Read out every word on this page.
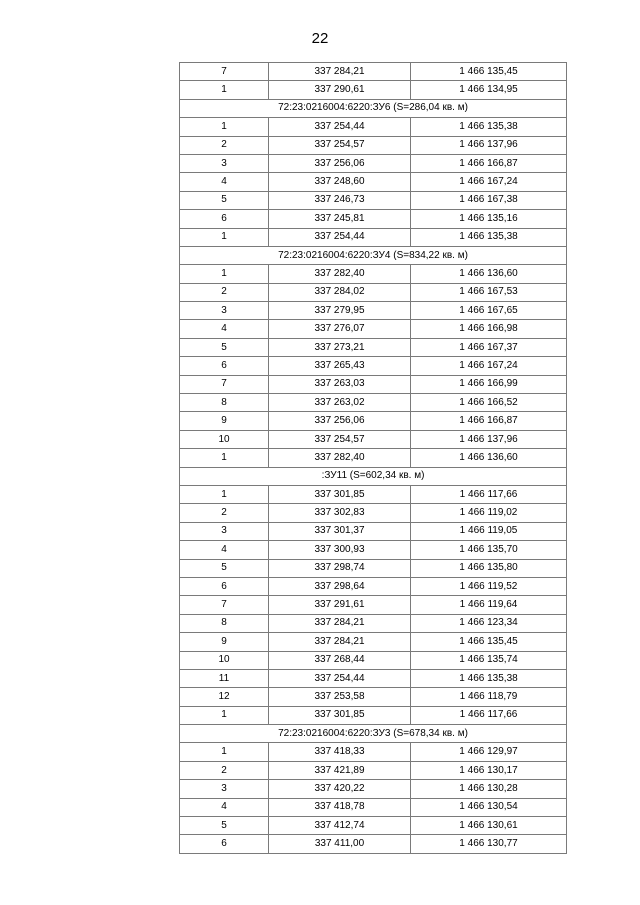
22
7	337 284,21	1 466 135,45
1	337 290,61	1 466 134,95
72:23:0216004:6220:ЗУ6 (S=286,04 кв. м)		
1	337 254,44	1 466 135,38
2	337 254,57	1 466 137,96
3	337 256,06	1 466 166,87
4	337 248,60	1 466 167,24
5	337 246,73	1 466 167,38
6	337 245,81	1 466 135,16
1	337 254,44	1 466 135,38
72:23:0216004:6220:ЗУ4 (S=834,22 кв. м)		
1	337 282,40	1 466 136,60
2	337 284,02	1 466 167,53
3	337 279,95	1 466 167,65
4	337 276,07	1 466 166,98
5	337 273,21	1 466 167,37
6	337 265,43	1 466 167,24
7	337 263,03	1 466 166,99
8	337 263,02	1 466 166,52
9	337 256,06	1 466 166,87
10	337 254,57	1 466 137,96
1	337 282,40	1 466 136,60
:ЗУ11 (S=602,34 кв. м)		
1	337 301,85	1 466 117,66
2	337 302,83	1 466 119,02
3	337 301,37	1 466 119,05
4	337 300,93	1 466 135,70
5	337 298,74	1 466 135,80
6	337 298,64	1 466 119,52
7	337 291,61	1 466 119,64
8	337 284,21	1 466 123,34
9	337 284,21	1 466 135,45
10	337 268,44	1 466 135,74
11	337 254,44	1 466 135,38
12	337 253,58	1 466 118,79
1	337 301,85	1 466 117,66
72:23:0216004:6220:ЗУ3 (S=678,34 кв. м)		
1	337 418,33	1 466 129,97
2	337 421,89	1 466 130,17
3	337 420,22	1 466 130,28
4	337 418,78	1 466 130,54
5	337 412,74	1 466 130,61
6	337 411,00	1 466 130,77
